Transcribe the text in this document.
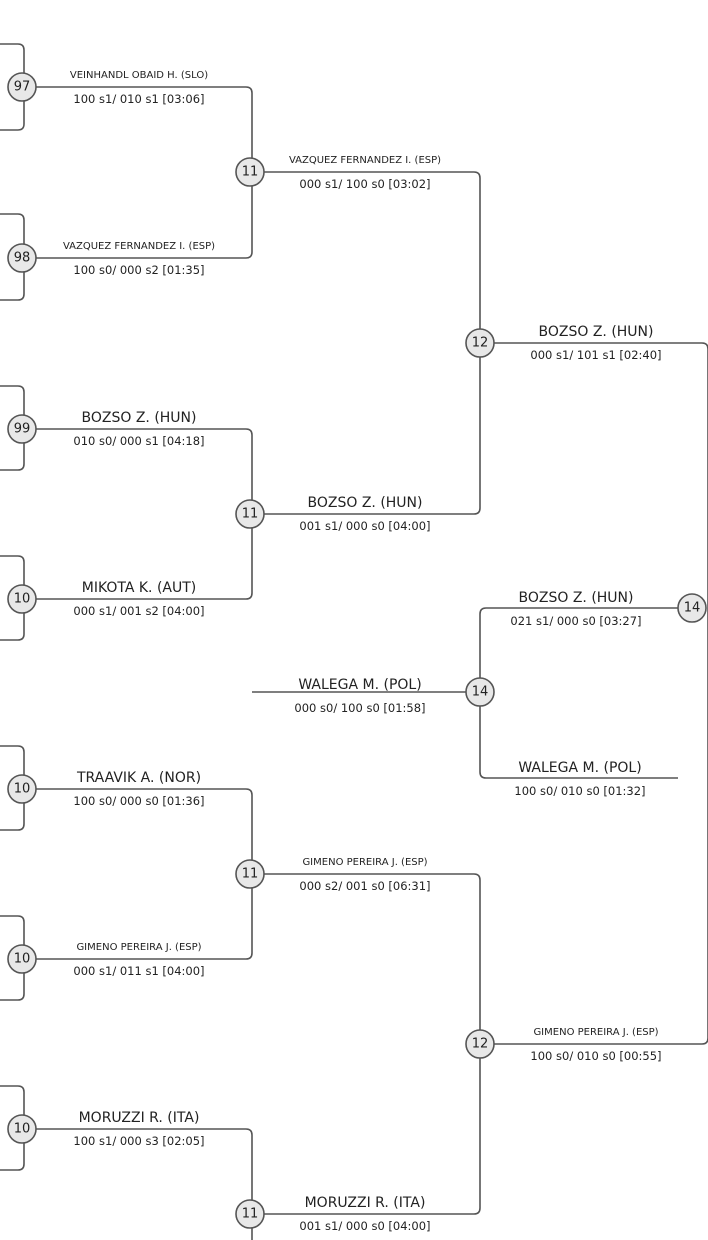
97
98
99
10
10
10
10
11
11
11
11
12
12
14
14
VEINHANDL OBAID H. (SLO)
100 s1/ 010 s1 [03:06]
VAZQUEZ FERNANDEZ I. (ESP)
100 s0/ 000 s2 [01:35]
BOZSO Z. (HUN)
010 s0/ 000 s1 [04:18]
MIKOTA K. (AUT)
000 s1/ 001 s2 [04:00]
TRAAVIK A. (NOR)
100 s0/ 000 s0 [01:36]
GIMENO PEREIRA J. (ESP)
000 s1/ 011 s1 [04:00]
MORUZZI R. (ITA)
100 s1/ 000 s3 [02:05]
VAZQUEZ FERNANDEZ I. (ESP)
000 s1/ 100 s0 [03:02]
BOZSO Z. (HUN)
001 s1/ 000 s0 [04:00]
GIMENO PEREIRA J. (ESP)
000 s2/ 001 s0 [06:31]
MORUZZI R. (ITA)
001 s1/ 000 s0 [04:00]
BOZSO Z. (HUN)
000 s1/ 101 s1 [02:40]
GIMENO PEREIRA J. (ESP)
100 s0/ 010 s0 [00:55]
WALEGA M. (POL)
000 s0/ 100 s0 [01:58]
BOZSO Z. (HUN)
021 s1/ 000 s0 [03:27]
WALEGA M. (POL)
100 s0/ 010 s0 [01:32]
